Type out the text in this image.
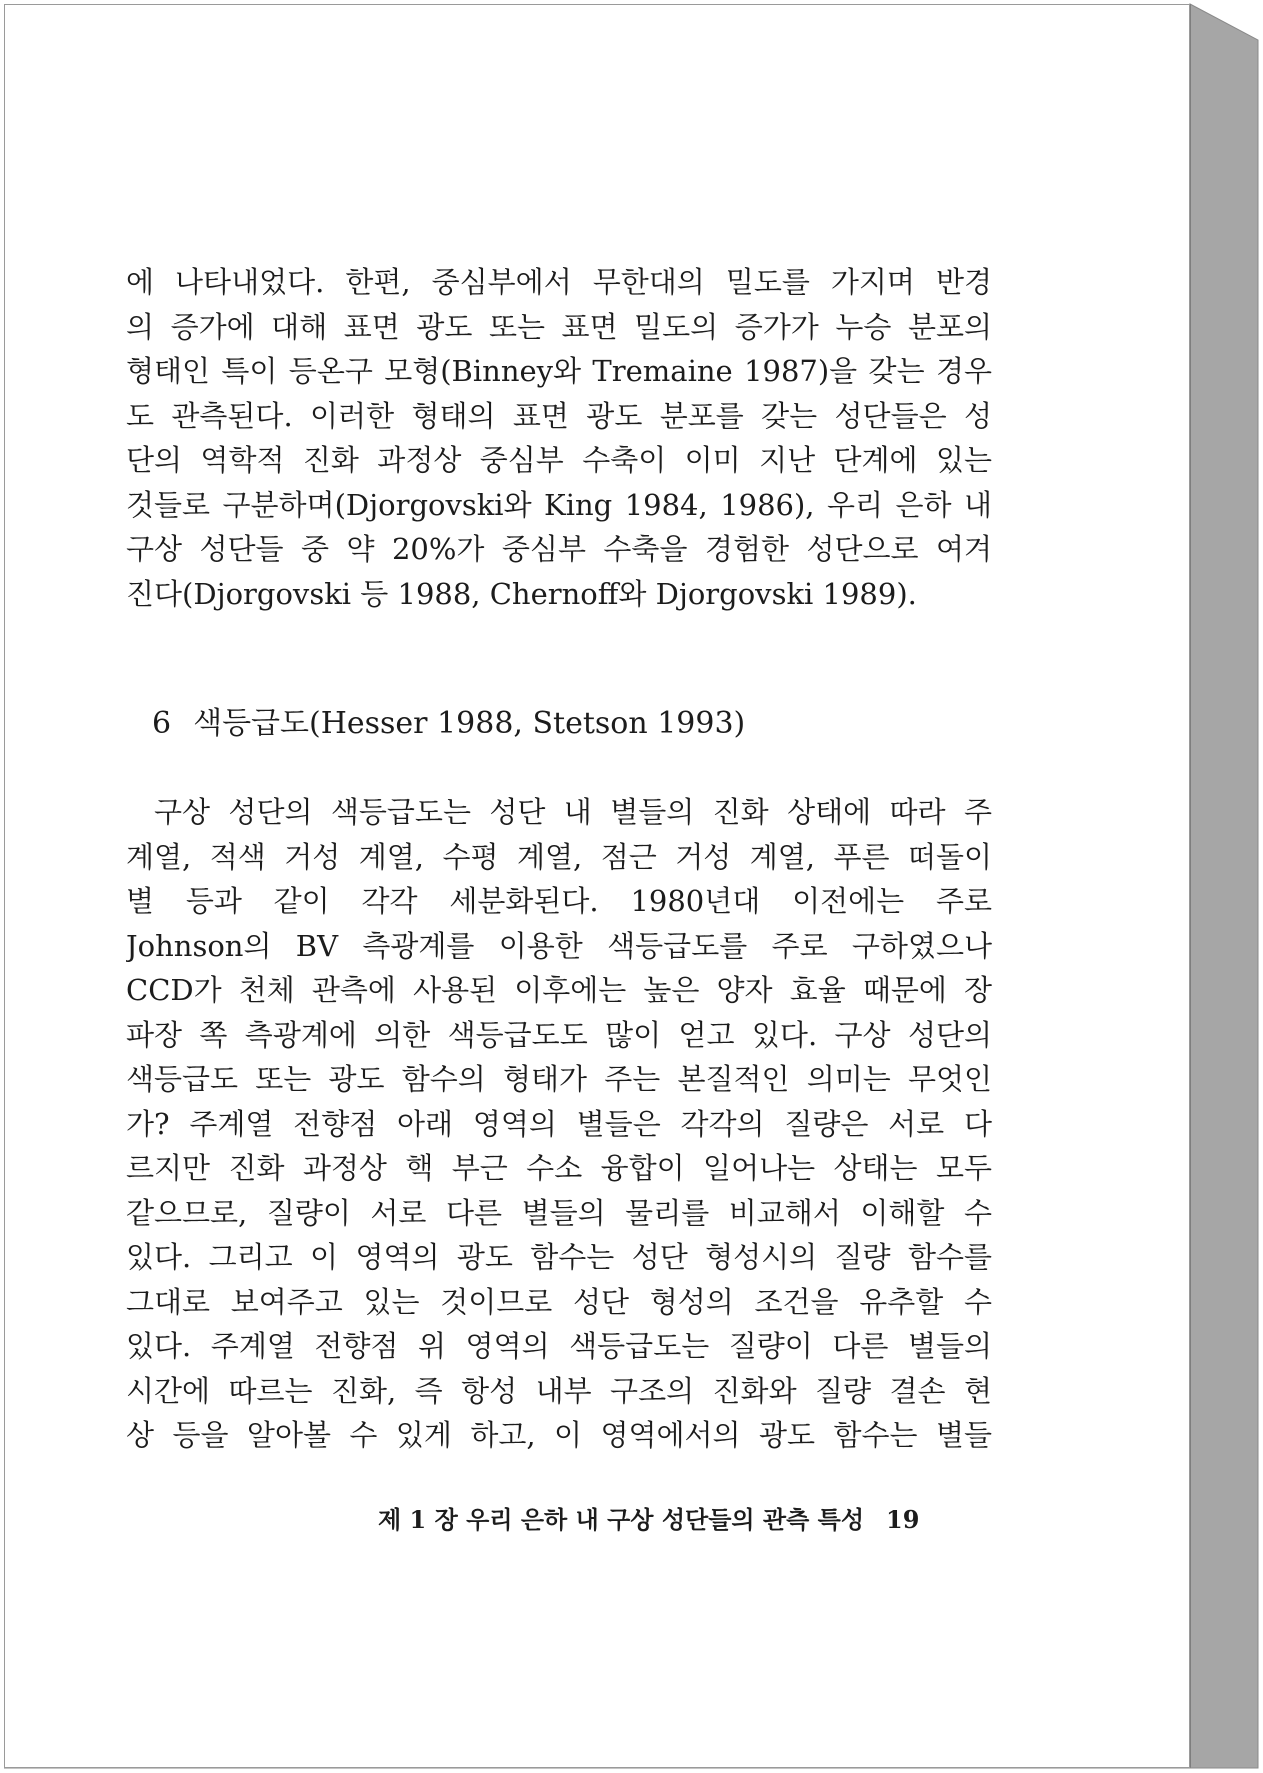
에 나타내었다. 한편, 중심부에서 무한대의 밀도를 가지며 반경
의 증가에 대해 표면 광도 또는 표면 밀도의 증가가 누승 분포의
형태인 특이 등온구 모형(Binney와 Tremaine 1987)을 갖는 경우
도 관측된다. 이러한 형태의 표면 광도 분포를 갖는 성단들은 성
단의 역학적 진화 과정상 중심부 수축이 이미 지난 단계에 있는
것들로 구분하며(Djorgovski와 King 1984, 1986), 우리 은하 내
구상 성단들 중 약 20%가 중심부 수축을 경험한 성단으로 여겨
진다(Djorgovski 등 1988, Chernoff와 Djorgovski 1989).
6 색등급도(Hesser 1988, Stetson 1993)
구상 성단의 색등급도는 성단 내 별들의 진화 상태에 따라 주
계열, 적색 거성 계열, 수평 계열, 점근 거성 계열, 푸른 떠돌이
별 등과 같이 각각 세분화된다. 1980년대 이전에는 주로
Johnson의 BV 측광계를 이용한 색등급도를 주로 구하였으나
CCD가 천체 관측에 사용된 이후에는 높은 양자 효율 때문에 장
파장 쪽 측광계에 의한 색등급도도 많이 얻고 있다. 구상 성단의
색등급도 또는 광도 함수의 형태가 주는 본질적인 의미는 무엇인
가? 주계열 전향점 아래 영역의 별들은 각각의 질량은 서로 다
르지만 진화 과정상 핵 부근 수소 융합이 일어나는 상태는 모두
같으므로, 질량이 서로 다른 별들의 물리를 비교해서 이해할 수
있다. 그리고 이 영역의 광도 함수는 성단 형성시의 질량 함수를
그대로 보여주고 있는 것이므로 성단 형성의 조건을 유추할 수
있다. 주계열 전향점 위 영역의 색등급도는 질량이 다른 별들의
시간에 따르는 진화, 즉 항성 내부 구조의 진화와 질량 결손 현
상 등을 알아볼 수 있게 하고, 이 영역에서의 광도 함수는 별들
제 1 장 우리 은하 내 구상 성단들의 관측 특성 19
